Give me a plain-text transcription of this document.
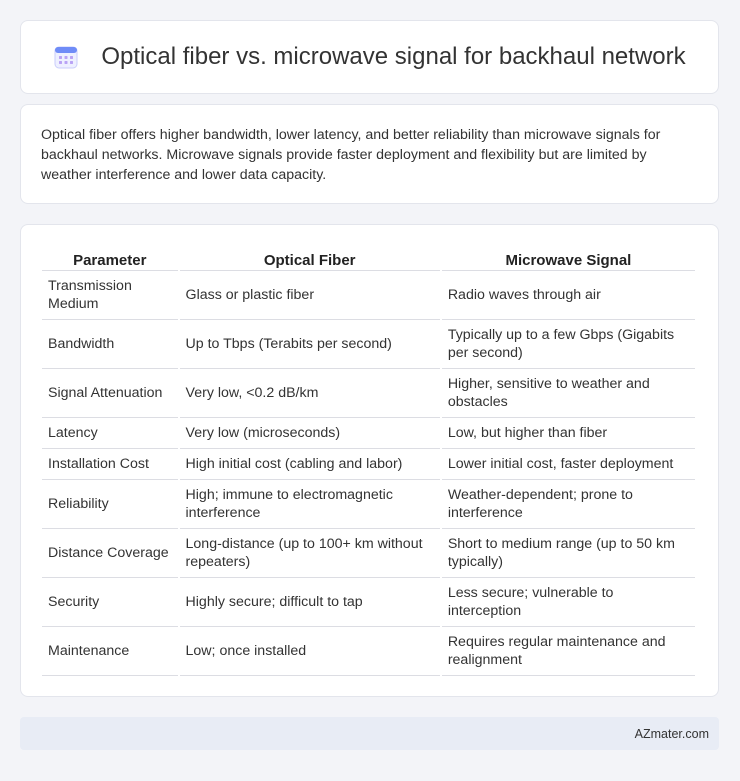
Optical fiber vs. microwave signal for backhaul network

Optical fiber offers higher bandwidth, lower latency, and better reliability than microwave signals for backhaul networks. Microwave signals provide faster deployment and flexibility but are limited by weather interference and lower data capacity.

Parameter	Optical Fiber	Microwave Signal
Transmission Medium	Glass or plastic fiber	Radio waves through air
Bandwidth	Up to Tbps (Terabits per second)	Typically up to a few Gbps (Gigabits per second)
Signal Attenuation	Very low, <0.2 dB/km	Higher, sensitive to weather and obstacles
Latency	Very low (microseconds)	Low, but higher than fiber
Installation Cost	High initial cost (cabling and labor)	Lower initial cost, faster deployment
Reliability	High; immune to electromagnetic interference	Weather-dependent; prone to interference
Distance Coverage	Long-distance (up to 100+ km without repeaters)	Short to medium range (up to 50 km typically)
Security	Highly secure; difficult to tap	Less secure; vulnerable to interception
Maintenance	Low; once installed	Requires regular maintenance and realignment
AZmater.com
